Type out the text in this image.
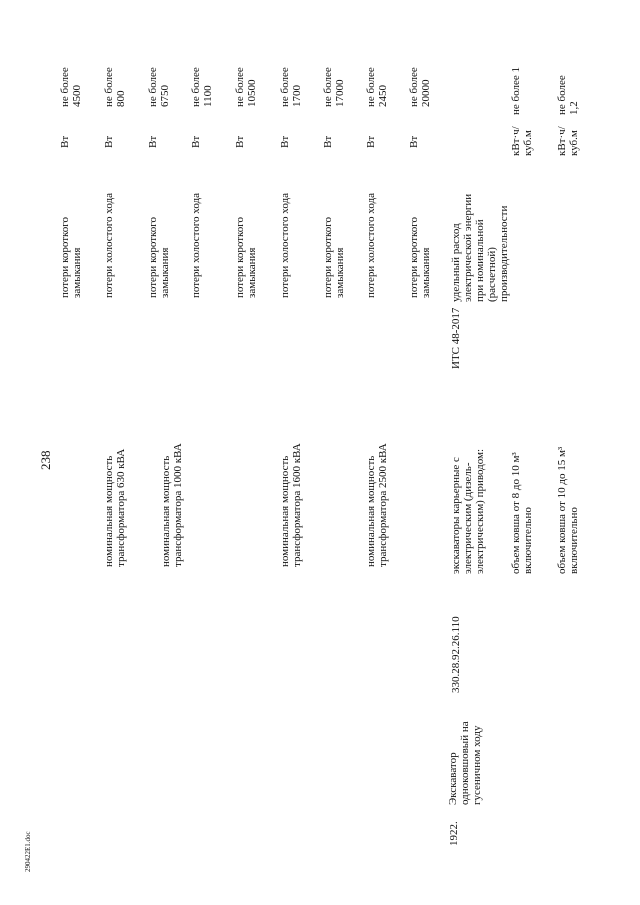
238
290422E1.doc	1922.
Экскаватор одноковшовый на гусеничном ходу
330.28.92.26.110
номинальная мощность трансформатора 630 кВА
потери короткого замыкания
Вт
не более 4500
потери холостого хода
Вт
не более 800
номинальная мощность трансформатора 1000 кВА
потери короткого замыкания
Вт
не более 6750
потери холостого хода
Вт
не более 1100
потери короткого замыкания
Вт
не более 10500
номинальная мощность трансформатора 1600 кВА
потери холостого хода
Вт
не более 1700
потери короткого замыкания
Вт
не более 17000
номинальная мощность трансформатора 2500 кВА
потери холостого хода
Вт
не более 2450
потери короткого замыкания
Вт
не более 20000
экскаваторы карьерные с электрическим (дизель- электрическим) приводом:
ИТС 48-2017
удельный расход электрической энергии при номинальной (расчетной) производительности
объем ковша от 8 до 10 м³ включительно
кВт·ч/ куб.м
не более 1
объем ковша от 10 до 15 м³ включительно
кВт·ч/ куб.м
не более 1,2
